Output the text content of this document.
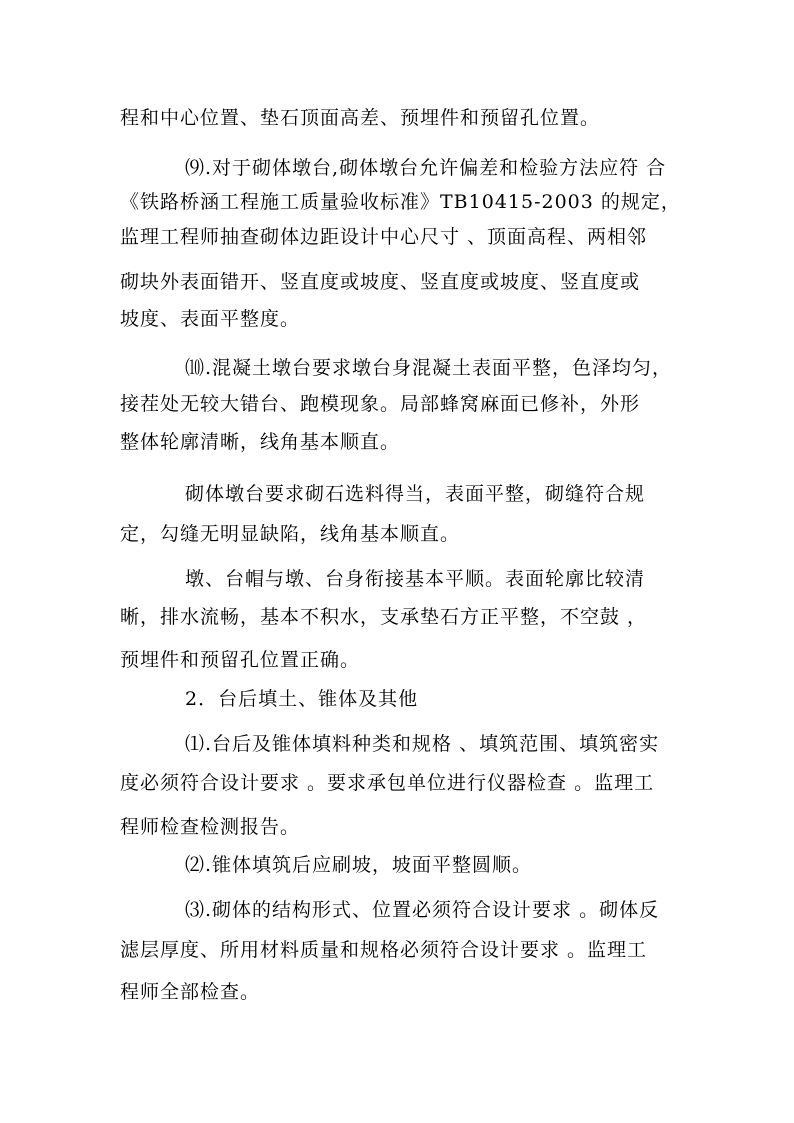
程和中心位置、垫石顶面高差、预埋件和预留孔位置。
⑼.对于砌体墩台,砌体墩台允许偏差和检验方法应符 合
《铁路桥涵工程施工质量验收标准》TB10415-2003 的规定，
监理工程师抽查砌体边距设计中心尺寸 、顶面高程、两相邻
砌块外表面错开、竖直度或坡度、竖直度或坡度、竖直度或
坡度、表面平整度。
⑽.混凝土墩台要求墩台身混凝土表面平整，色泽均匀，
接茬处无较大错台、跑模现象。局部蜂窝麻面已修补，外形
整体轮廓清晰，线角基本顺直。
砌体墩台要求砌石选料得当，表面平整，砌缝符合规
定，勾缝无明显缺陷，线角基本顺直。
墩、台帽与墩、台身衔接基本平顺。表面轮廓比较清
晰，排水流畅，基本不积水，支承垫石方正平整，不空鼓 ，
预埋件和预留孔位置正确。
2．台后填土、锥体及其他
⑴.台后及锥体填料种类和规格 、填筑范围、填筑密实
度必须符合设计要求 。要求承包单位进行仪器检查 。监理工
程师检查检测报告。
⑵.锥体填筑后应刷坡，坡面平整圆顺。
⑶.砌体的结构形式、位置必须符合设计要求 。砌体反
滤层厚度、所用材料质量和规格必须符合设计要求 。监理工
程师全部检查。
